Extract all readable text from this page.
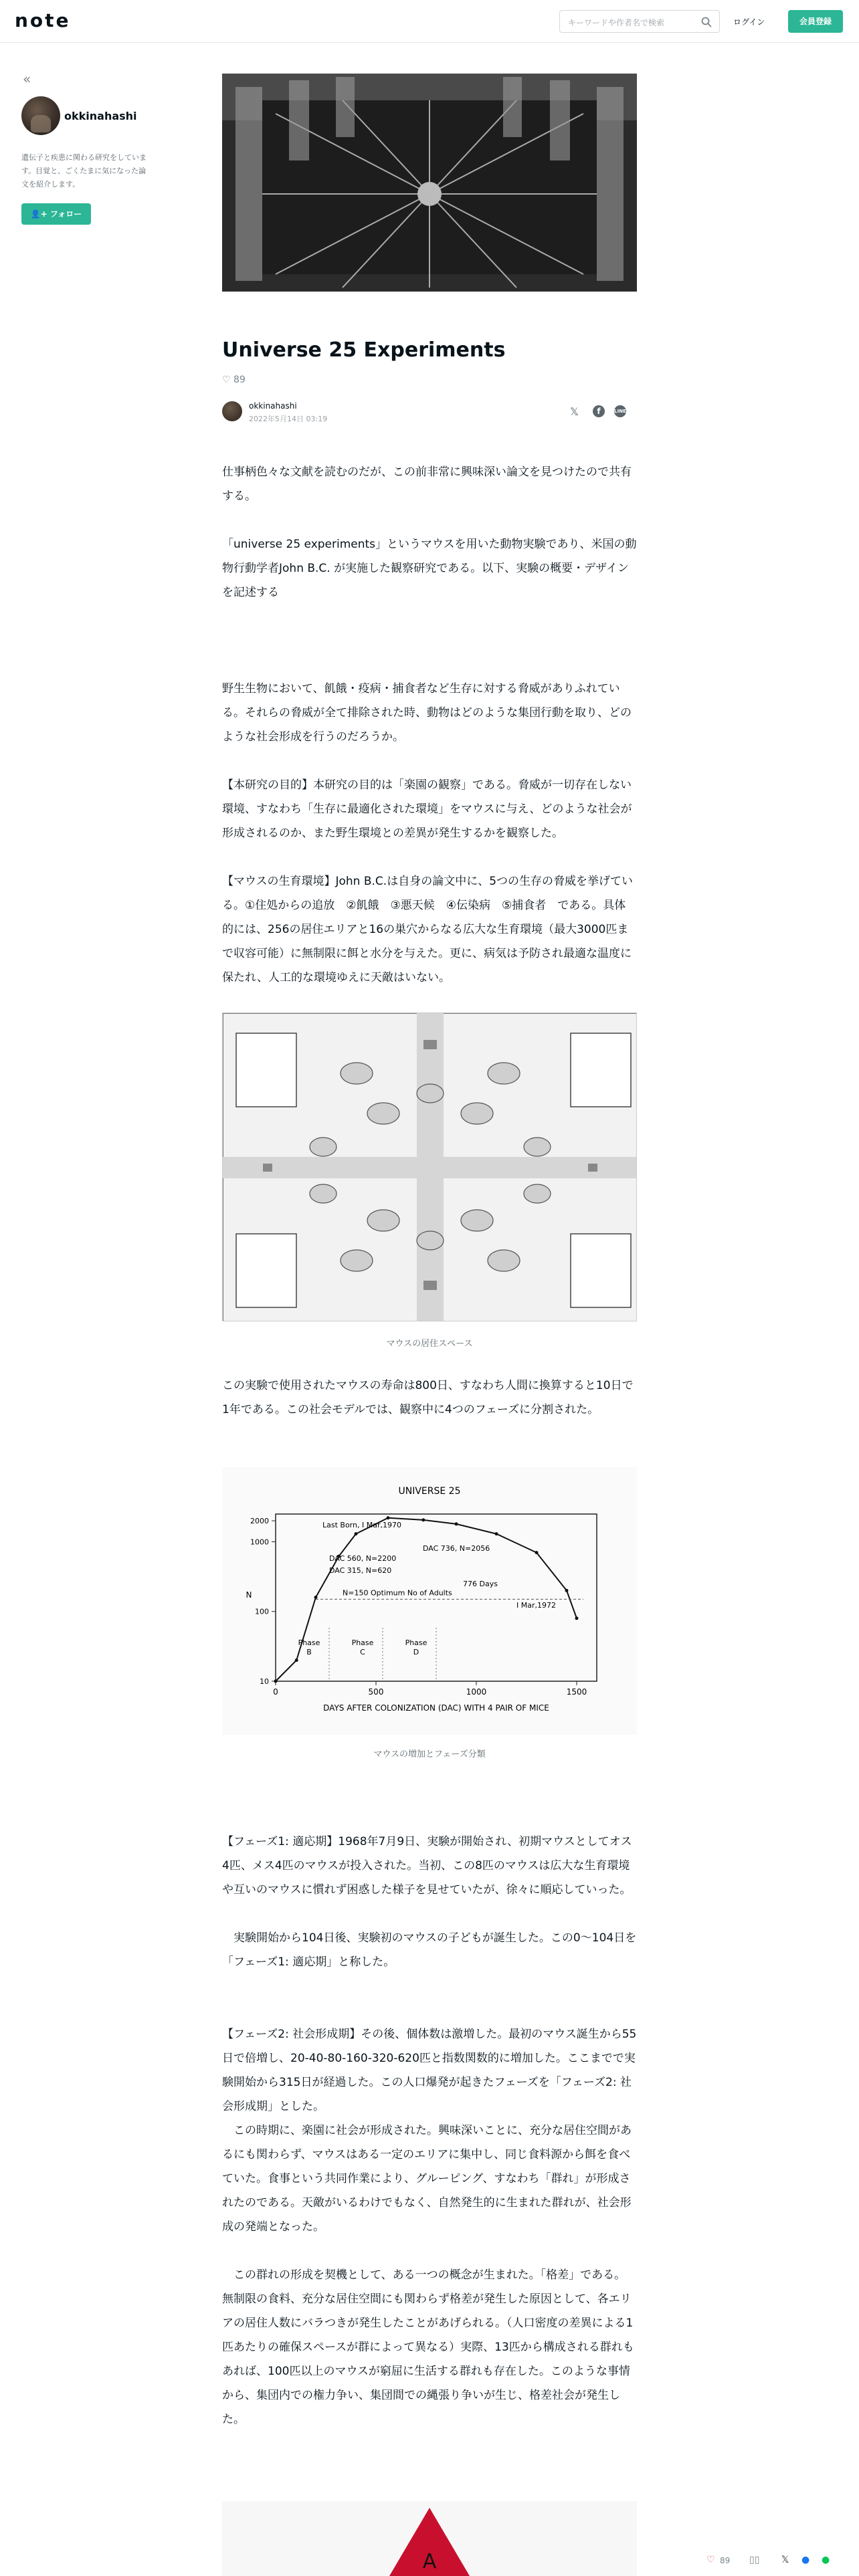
note	キーワードや作者名で検索	ログイン	会員登録
«
okkinahashi

遺伝子と疾患に関わる研究をしています。目覚と、ごくたまに気になった論文を紹介します。

👤+ フォロー
Universe 25 Experiments
♡ 89
okkinahashi
2022年5月14日 03:19
𝕏	f	LINE

仕事柄色々な文献を読むのだが、この前非常に興味深い論文を見つけたので共有する。

「universe 25 experiments」というマウスを用いた動物実験であり、米国の動物行動学者John B.C. が実施した観察研究である。以下、実験の概要・デザインを記述する

野生生物において、飢餓・疫病・捕食者など生存に対する脅威がありふれている。それらの脅威が全て排除された時、動物はどのような集団行動を取り、どのような社会形成を行うのだろうか。

【本研究の目的】本研究の目的は「楽園の観察」である。脅威が一切存在しない環境、すなわち「生存に最適化された環境」をマウスに与え、どのような社会が形成されるのか、また野生環境との差異が発生するかを観察した。

【マウスの生育環境】John B.C.は自身の論文中に、5つの生存の脅威を挙げている。①住処からの追放　②飢餓　③悪天候　④伝染病　⑤捕食者　である。具体的には、256の居住エリアと16の巣穴からなる広大な生育環境（最大3000匹まで収容可能）に無制限に餌と水分を与えた。更に、病気は予防され最適な温度に保たれ、人工的な環境ゆえに天敵はいない。

マウスの居住スペース

この実験で使用されたマウスの寿命は800日、すなわち人間に換算すると10日で1年である。この社会モデルでは、観察中に4つのフェーズに分割された。

UNIVERSE 25
0	500	1000	1500
10
100
1000
2000
N
DAYS AFTER COLONIZATION (DAC) WITH 4 PAIR OF MICE
Last Born, I Mar,1970
DAC 736, N=2056
DAC 560, N=2200
DAC 315, N=620
776 Days
N=150 Optimum No of Adults
I Mar,1972
Phase
B
Phase
C
Phase
D
マウスの増加とフェーズ分類

【フェーズ1: 適応期】1968年7月9日、実験が開始され、初期マウスとしてオス4匹、メス4匹のマウスが投入された。当初、この8匹のマウスは広大な生育環境や互いのマウスに慣れず困惑した様子を見せていたが、徐々に順応していった。

　実験開始から104日後、実験初のマウスの子どもが誕生した。この0〜104日を「フェーズ1: 適応期」と称した。

【フェーズ2: 社会形成期】その後、個体数は激増した。最初のマウス誕生から55日で倍増し、20-40-80-160-320-620匹と指数関数的に増加した。ここまでで実験開始から315日が経過した。この人口爆発が起きたフェーズを「フェーズ2: 社会形成期」とした。

　この時期に、楽園に社会が形成された。興味深いことに、充分な居住空間があるにも関わらず、マウスはある一定のエリアに集中し、同じ食料源から餌を食べていた。食事という共同作業により、グルーピング、すなわち「群れ」が形成されたのである。天敵がいるわけでもなく、自然発生的に生まれた群れが、社会形成の発端となった。

　この群れの形成を契機として、ある一つの概念が生まれた。「格差」である。無制限の食料、充分な居住空間にも関わらず格差が発生した原因として、各エリアの居住人数にバラつきが発生したことがあげられる。（人口密度の差異による1匹あたりの確保スペースが群によって異なる）実際、13匹から構成される群れもあれば、100匹以上のマウスが窮屈に生活する群れも存在した。このような事情から、集団内での権力争い、集団間での縄張り争いが生じ、格差社会が発生した。

A	♡ 89 ▯▯ 𝕏 ● ●
